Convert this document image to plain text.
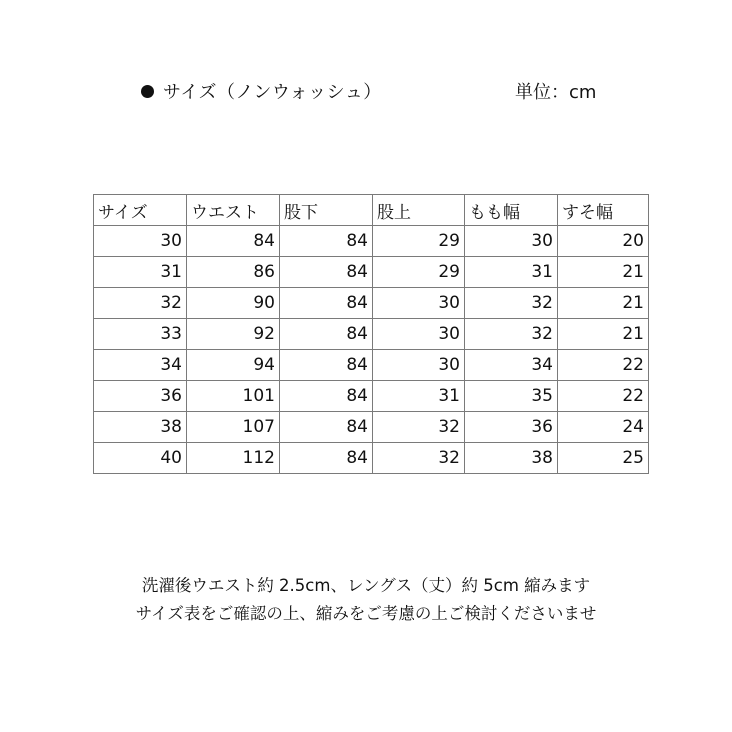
サイズ（ノンウォッシュ）	単位：cm
サイズ	ウエスト	股下	股上	もも幅	すそ幅
30	84	84	29	30	20
31	86	84	29	31	21
32	90	84	30	32	21
33	92	84	30	32	21
34	94	84	30	34	22
36	101	84	31	35	22
38	107	84	32	36	24
40	112	84	32	38	25
洗濯後ウエスト約 2.5cm、レングス（丈）約 5cm 縮みます
サイズ表をご確認の上、縮みをご考慮の上ご検討くださいませ
